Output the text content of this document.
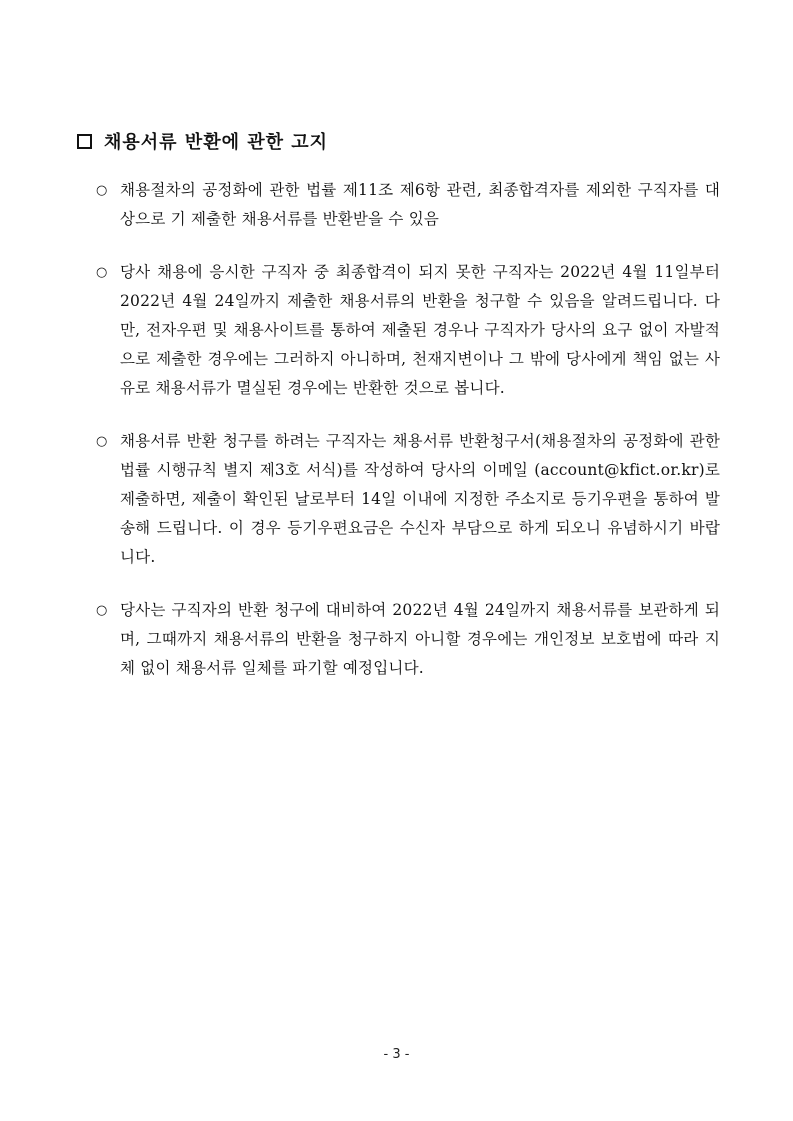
채용서류 반환에 관한 고지
○ 채용절차의 공정화에 관한 법률 제11조 제6항 관련, 최종합격자를 제외한 구직자를 대상으로 기 제출한 채용서류를 반환받을 수 있음
○ 당사 채용에 응시한 구직자 중 최종합격이 되지 못한 구직자는 2022년 4월 11일부터 2022년 4월 24일까지 제출한 채용서류의 반환을 청구할 수 있음을 알려드립니다. 다만, 전자우편 및 채용사이트를 통하여 제출된 경우나 구직자가 당사의 요구 없이 자발적으로 제출한 경우에는 그러하지 아니하며, 천재지변이나 그 밖에 당사에게 책임 없는 사유로 채용서류가 멸실된 경우에는 반환한 것으로 봅니다.
○ 채용서류 반환 청구를 하려는 구직자는 채용서류 반환청구서(채용절차의 공정화에 관한 법률 시행규칙 별지 제3호 서식)를 작성하여 당사의 이메일 (account@kfict.or.kr)로 제출하면, 제출이 확인된 날로부터 14일 이내에 지정한 주소지로 등기우편을 통하여 발송해 드립니다. 이 경우 등기우편요금은 수신자 부담으로 하게 되오니 유념하시기 바랍니다.
○ 당사는 구직자의 반환 청구에 대비하여 2022년 4월 24일까지 채용서류를 보관하게 되며, 그때까지 채용서류의 반환을 청구하지 아니할 경우에는 개인정보 보호법에 따라 지체 없이 채용서류 일체를 파기할 예정입니다.
- 3 -
